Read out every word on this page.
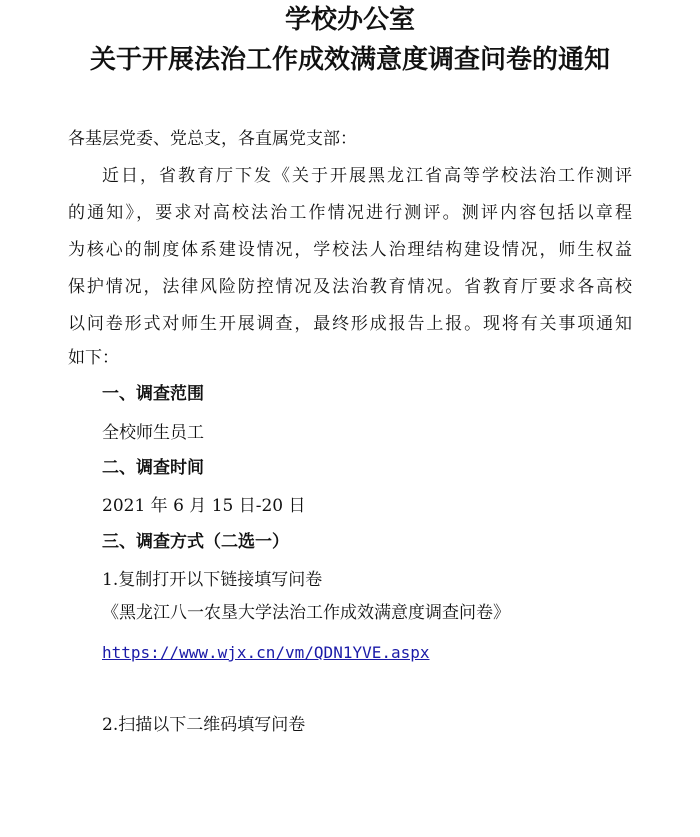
学校办公室
关于开展法治工作成效满意度调查问卷的通知
各基层党委、党总支，各直属党支部：
近日，省教育厅下发《关于开展黑龙江省高等学校法治工作测评
的通知》，要求对高校法治工作情况进行测评。测评内容包括以章程
为核心的制度体系建设情况，学校法人治理结构建设情况，师生权益
保护情况，法律风险防控情况及法治教育情况。省教育厅要求各高校
以问卷形式对师生开展调查，最终形成报告上报。现将有关事项通知
如下：
一、调查范围
全校师生员工
二、调查时间
2021 年 6 月 15 日-20 日
三、调查方式（二选一）
1.复制打开以下链接填写问卷
《黑龙江八一农垦大学法治工作成效满意度调查问卷》
https://www.wjx.cn/vm/QDN1YVE.aspx
2.扫描以下二维码填写问卷
